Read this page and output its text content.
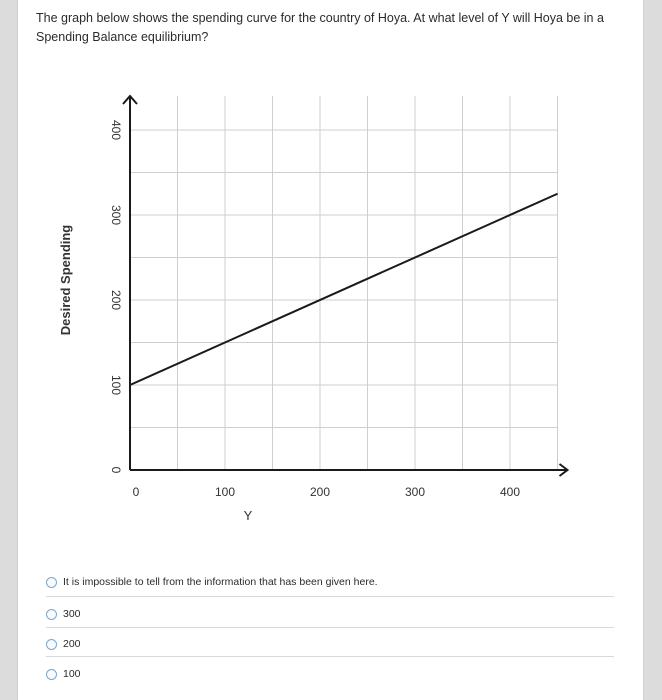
The graph below shows the spending curve for the country of Hoya. At what level of Y will Hoya be in a Spending Balance equilibrium?
0
100
200
300
400
0	100	200	300	400
Y
Desired Spending
It is impossible to tell from the information that has been given here.
300
200
100
